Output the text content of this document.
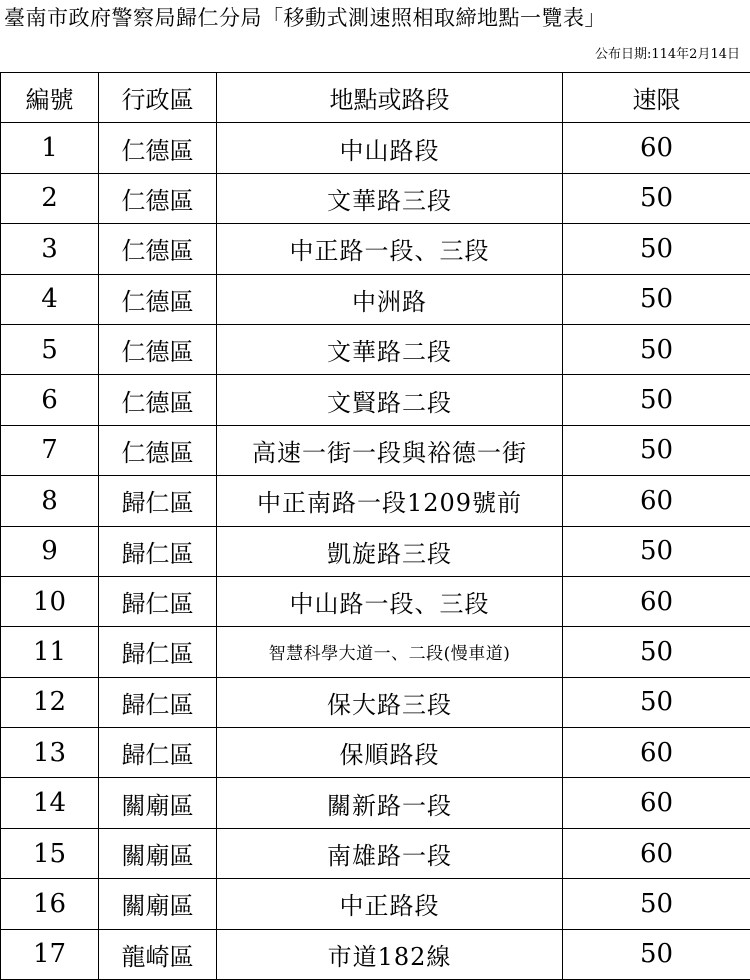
臺南市政府警察局歸仁分局「移動式測速照相取締地點一覽表」
公布日期:114年2月14日
編號	行政區	地點或路段	速限
1	仁德區	中山路段	60
2	仁德區	文華路三段	50
3	仁德區	中正路一段、三段	50
4	仁德區	中洲路	50
5	仁德區	文華路二段	50
6	仁德區	文賢路二段	50
7	仁德區	高速一街一段與裕德一街	50
8	歸仁區	中正南路一段1209號前	60
9	歸仁區	凱旋路三段	50
10	歸仁區	中山路一段、三段	60
11	歸仁區	智慧科學大道一、二段(慢車道)	50
12	歸仁區	保大路三段	50
13	歸仁區	保順路段	60
14	關廟區	關新路一段	60
15	關廟區	南雄路一段	60
16	關廟區	中正路段	50
17	龍崎區	市道182線	50
